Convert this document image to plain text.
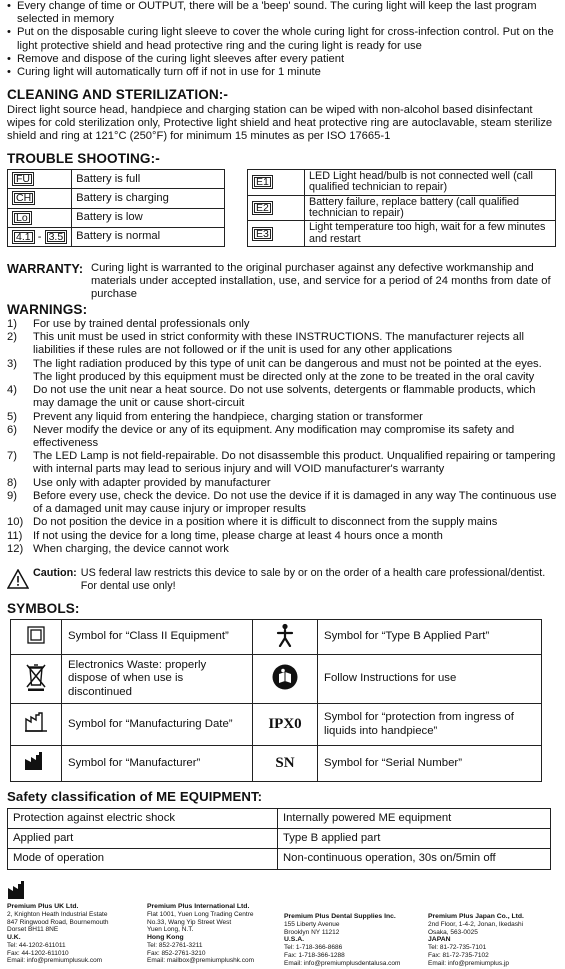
• Every change of time or OUTPUT, there will be a 'beep' sound. The curing light will keep the last program selected in memory
• Put on the disposable curing light sleeve to cover the whole curing light for cross-infection control. Put on the light protective shield and head protective ring and the curing light is ready for use
• Remove and dispose of the curing light sleeves after every patient
• Curing light will automatically turn off if not in use for 1 minute
CLEANING AND STERILIZATION:-

Direct light source head, handpiece and charging station can be wiped with non-alcohol based disinfectant wipes for cold sterilization only, Protective light shield and heat protective ring are autoclavable, steam sterilize shield and ring at 121°C (250°F) for minimum 15 minutes as per ISO 17665-1

TROUBLE SHOOTING:-
FU	Battery is full
CH	Battery is charging
Lo	Battery is low
4.1 - 3.5	Battery is normal
E1	LED Light head/bulb is not connected well (call qualified technician to repair)
E2	Battery failure, replace battery (call qualified technician to repair)
E3	Light temperature too high, wait for a few minutes and restart
WARRANTY: Curing light is warranted to the original purchaser against any defective workmanship and materials under accepted installation, use, and service for a period of 24 months from date of purchase
WARNINGS:
1)	For use by trained dental professionals only
2)	This unit must be used in strict conformity with these INSTRUCTIONS. The manufacturer rejects all liabilities if these rules are not followed or if the unit is used for any other applications
3)	The light radiation produced by this type of unit can be dangerous and must not be pointed at the eyes. The light produced by this equipment must be directed only at the zone to be treated in the oral cavity
4)	Do not use the unit near a heat source. Do not use solvents, detergents or flammable products, which may damage the unit or cause short-circuit
5)	Prevent any liquid from entering the handpiece, charging station or transformer
6)	Never modify the device or any of its equipment. Any modification may compromise its safety and effectiveness
7)	The LED Lamp is not field-repairable. Do not disassemble this product. Unqualified repairing or tampering with internal parts may lead to serious injury and will VOID manufacturer's warranty
8)	Use only with adapter provided by manufacturer
9)	Before every use, check the device. Do not use the device if it is damaged in any way The continuous use of a damaged unit may cause injury or improper results
10) Do not position the device in a position where it is difficult to disconnect from the supply mains
11) If not using the device for a long time, please charge at least 4 hours once a month
12) When charging, the device cannot work
Caution: US federal law restricts this device to sale by or on the order of a health care professional/dentist. For dental use only!
SYMBOLS:
	Symbol for “Class II Equipment”		Symbol for “Type B Applied Part”
	Electronics Waste: properly dispose of when use is discontinued		Follow Instructions for use
	Symbol for “Manufacturing Date”	IPX0	Symbol for “protection from ingress of liquids into handpiece”
	Symbol for “Manufacturer”	SN	Symbol for “Serial Number”
Safety classification of ME EQUIPMENT:
Protection against electric shock	Internally powered ME equipment
Applied part	Type B applied part
Mode of operation	Non-continuous operation, 30s on/5min off
Premium Plus UK Ltd.
2, Knighton Heath Industrial Estate
847 Ringwood Road, Bournemouth
Dorset BH11 8NE
U.K.
Tel: 44-1202-611011
Fax: 44-1202-611010
Email: info@premiumplusuk.com
Premium Plus International Ltd.
Flat 1001, Yuen Long Trading Centre
No.33, Wang Yip Street West
Yuen Long, N.T.
Hong Kong
Tel: 852-2761-3211
Fax: 852-2761-3210
Email: mailbox@premiumplushk.com
Premium Plus Dental Supplies Inc.
155 Liberty Avenue
Brooklyn NY 11212
U.S.A.
Tel: 1-718-366-8686
Fax: 1-718-366-1288
Email: info@premiumplusdentalusa.com
Premium Plus Japan Co., Ltd.
2nd Floor, 1-4-2, Jonan, Ikedashi
Osaka, 563-0025
JAPAN
Tel: 81-72-735-7101
Fax: 81-72-735-7102
Email: info@premiumplus.jp
